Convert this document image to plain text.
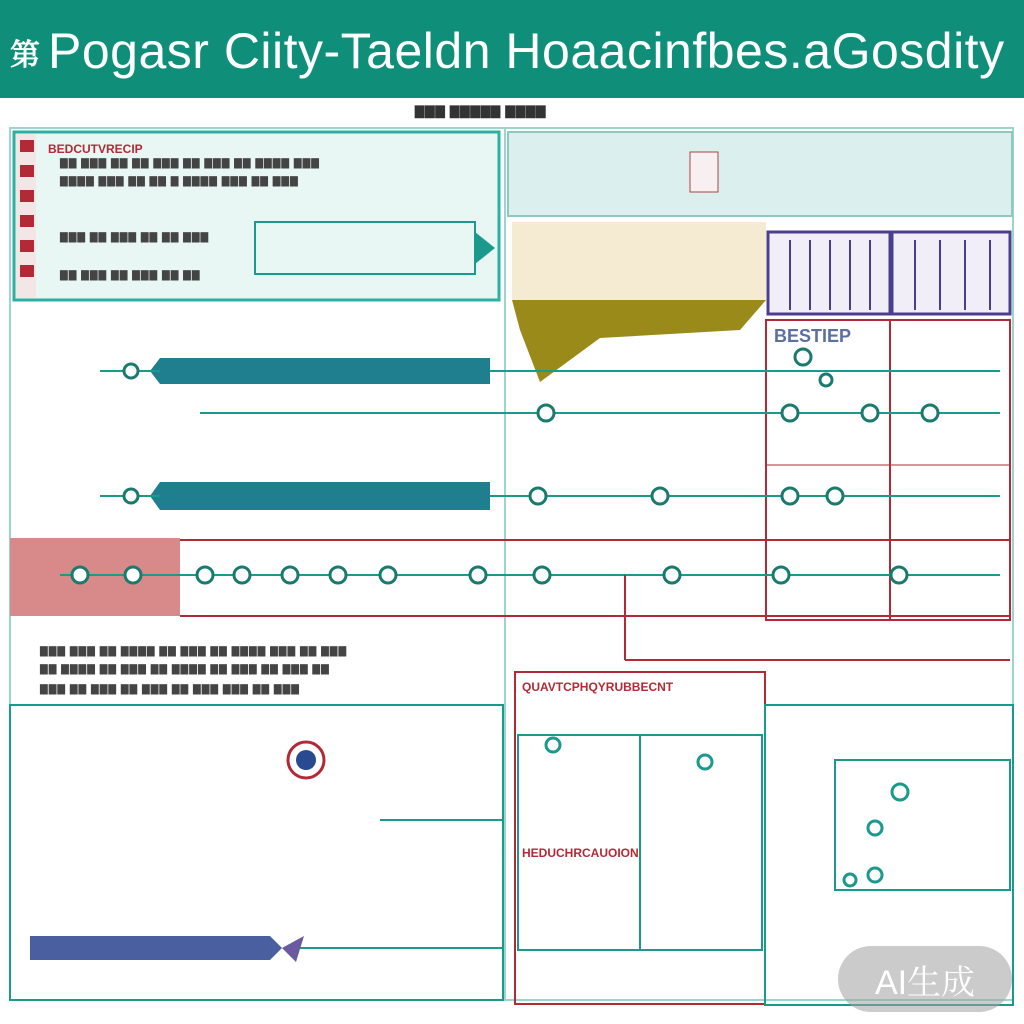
第 Pogasr Ciity-Taeldn Hoaacinfbes.aGosdity
▇▇▇ ▇▇▇▇▇ ▇▇▇▇
▇▇ ▇▇▇ ▇▇ ▇▇ ▇▇▇ ▇▇ ▇▇▇ ▇▇ ▇▇▇▇ ▇▇▇
▇▇▇▇ ▇▇▇ ▇▇ ▇▇ ▇ ▇▇▇▇ ▇▇▇ ▇▇ ▇▇▇
▇▇▇ ▇▇ ▇▇▇ ▇▇ ▇▇ ▇▇▇
▇▇ ▇▇▇ ▇▇ ▇▇▇ ▇▇ ▇▇
▇▇▇ ▇▇▇ ▇▇ ▇▇▇▇ ▇▇ ▇▇▇ ▇▇ ▇▇▇▇ ▇▇▇ ▇▇ ▇▇▇
▇▇ ▇▇▇▇ ▇▇ ▇▇▇ ▇▇ ▇▇▇▇ ▇▇ ▇▇▇ ▇▇ ▇▇▇ ▇▇
▇▇▇ ▇▇ ▇▇▇ ▇▇ ▇▇▇ ▇▇ ▇▇▇ ▇▇▇ ▇▇ ▇▇▇
BEDCUTVRECIP
BESTIEP
QUAVTCPHQYRUBBECNT
HEDUCHRCAUOION
AI生成
